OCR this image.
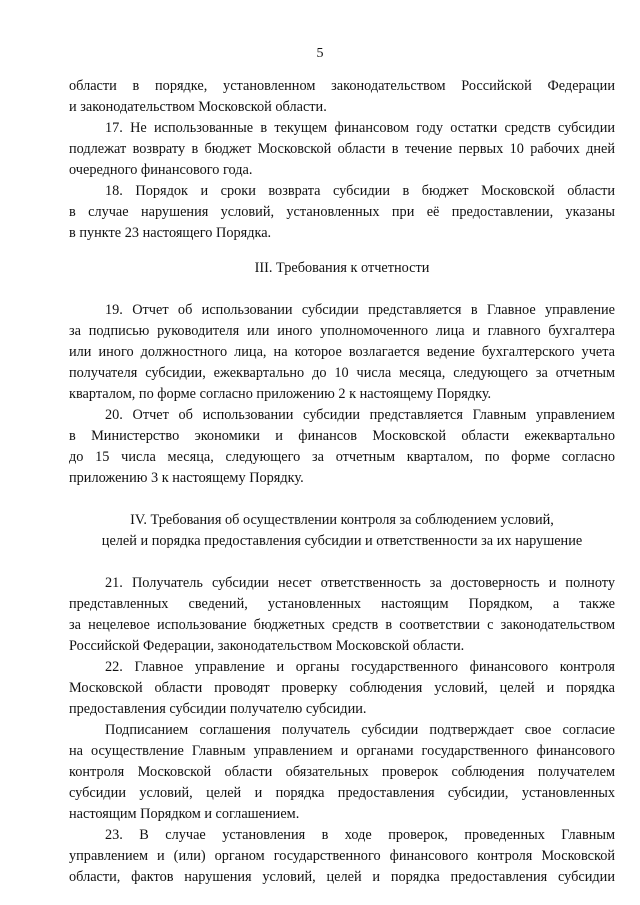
5

области в порядке, установленном законодательством Российской Федерации
и законодательством Московской области.

17. Не использованные в текущем финансовом году остатки средств субсидии
подлежат возврату в бюджет Московской области в течение первых 10 рабочих дней
очередного финансового года.

18. Порядок и сроки возврата субсидии в бюджет Московской области
в случае нарушения условий, установленных при её предоставлении, указаны
в пункте 23 настоящего Порядка.

III. Требования к отчетности

19. Отчет об использовании субсидии представляется в Главное управление
за подписью руководителя или иного уполномоченного лица и главного бухгалтера
или иного должностного лица, на которое возлагается ведение бухгалтерского учета
получателя субсидии, ежеквартально до 10 числа месяца, следующего за отчетным
кварталом, по форме согласно приложению 2 к настоящему Порядку.

20. Отчет об использовании субсидии представляется Главным управлением
в Министерство экономики и финансов Московской области ежеквартально
до 15 числа месяца, следующего за отчетным кварталом, по форме согласно
приложению 3 к настоящему Порядку.

IV. Требования об осуществлении контроля за соблюдением условий,
целей и порядка предоставления субсидии и ответственности за их нарушение

21. Получатель субсидии несет ответственность за достоверность и полноту
представленных сведений, установленных настоящим Порядком, а также
за нецелевое использование бюджетных средств в соответствии с законодательством
Российской Федерации, законодательством Московской области.

22. Главное управление и органы государственного финансового контроля
Московской области проводят проверку соблюдения условий, целей и порядка
предоставления субсидии получателю субсидии.

Подписанием соглашения получатель субсидии подтверждает свое согласие
на осуществление Главным управлением и органами государственного финансового
контроля Московской области обязательных проверок соблюдения получателем
субсидии условий, целей и порядка предоставления субсидии, установленных
настоящим Порядком и соглашением.

23. В случае установления в ходе проверок, проведенных Главным
управлением и (или) органом государственного финансового контроля Московской
области, фактов нарушения условий, целей и порядка предоставления субсидии
